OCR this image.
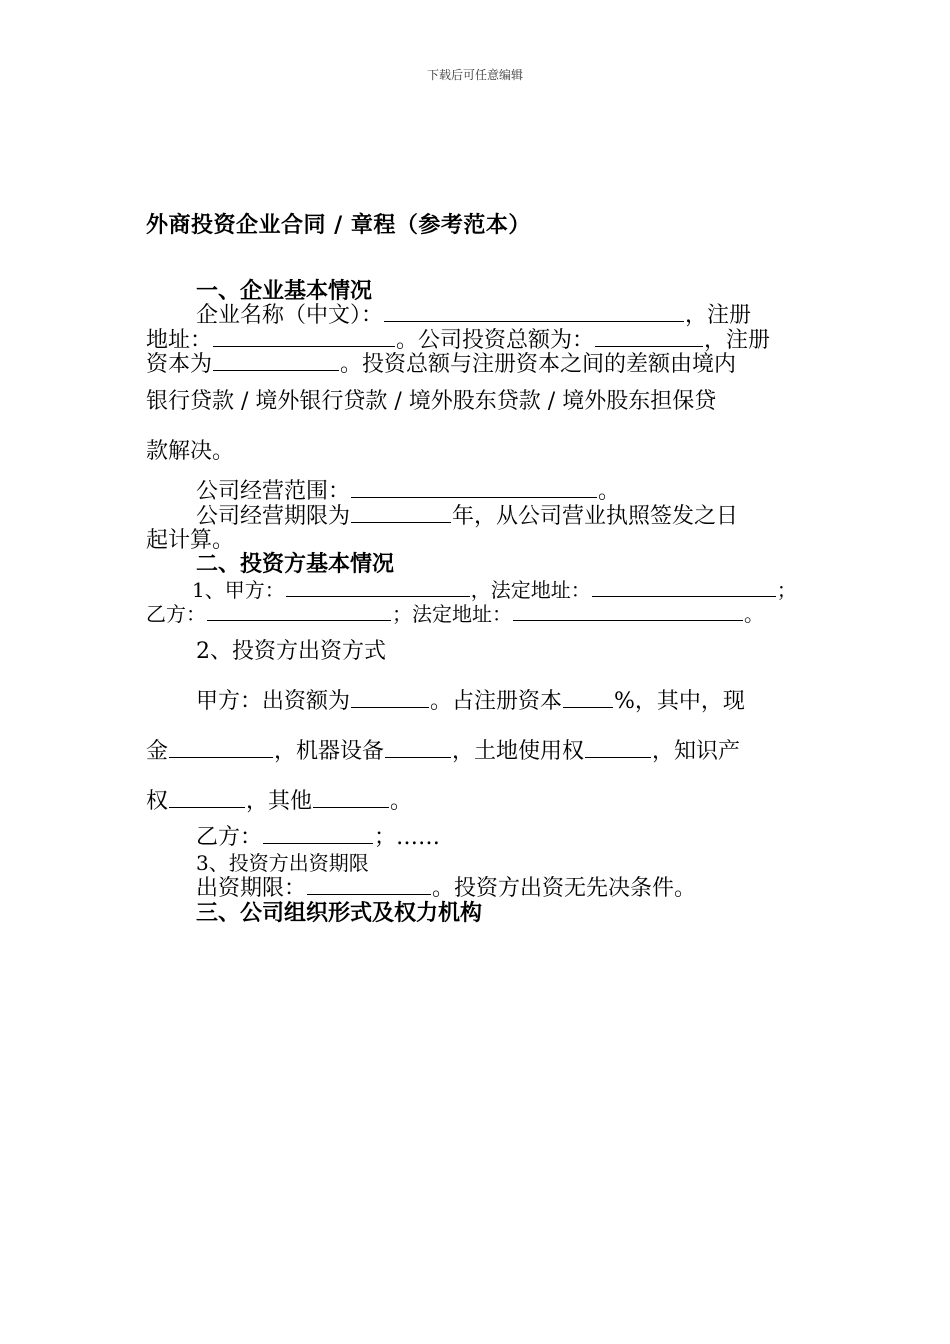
下载后可任意编辑
外商投资企业合同 / 章程（参考范本）
一、企业基本情况
企业名称（中文）：	，注册
地址：	。公司投资总额为：	，注册
资本为	。投资总额与注册资本之间的差额由境内
银行贷款 / 境外银行贷款 / 境外股东贷款 / 境外股东担保贷
款解决。
公司经营范围：	。
公司经营期限为	年，从公司营业执照签发之日
起计算。
二、投资方基本情况
1、甲方：	，法定地址：	；
乙方：	；法定地址：	。
2、投资方出资方式
甲方：出资额为	。占注册资本 %，其中，现
金	，机器设备	，土地使用权	，知识产
权	，其他	。
乙方：	；……
3、投资方出资期限
出资期限：	。投资方出资无先决条件。
三、公司组织形式及权力机构
